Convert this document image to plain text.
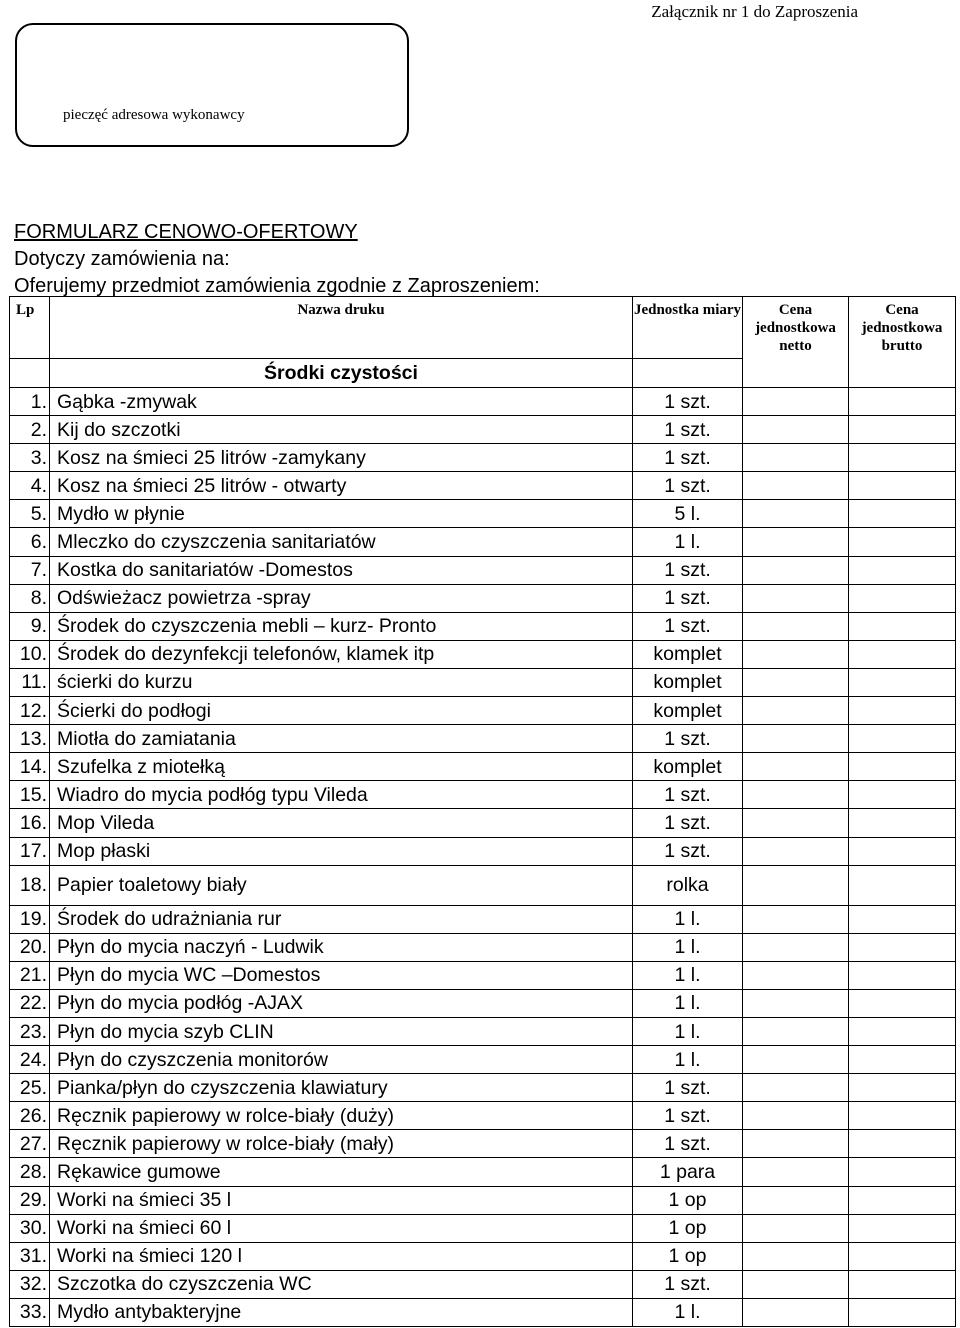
Załącznik nr 1 do Zaproszenia
pieczęć adresowa wykonawcy
FORMULARZ CENOWO-OFERTOWY
Dotyczy zamówienia na:
Oferujemy przedmiot zamówienia zgodnie z Zaproszeniem:
Lp	Nazwa druku	Jednostka miary	Cena jednostkowa netto	Cena jednostkowa brutto
	Środki czystości			
1.	Gąbka -zmywak	1 szt.		
2.	Kij do szczotki	1 szt.		
3.	Kosz na śmieci 25 litrów -zamykany	1 szt.		
4.	Kosz na śmieci 25 litrów - otwarty	1 szt.		
5.	Mydło w płynie	5 l.		
6.	Mleczko do czyszczenia sanitariatów	1 l.		
7.	Kostka do sanitariatów -Domestos	1 szt.		
8.	Odświeżacz powietrza -spray	1 szt.		
9.	Środek do czyszczenia mebli – kurz- Pronto	1 szt.		
10.	Środek do dezynfekcji telefonów, klamek itp	komplet		
11.	ścierki do kurzu	komplet		
12.	Ścierki do podłogi	komplet		
13.	Miotła do zamiatania	1 szt.		
14.	Szufelka z miotełką	komplet		
15.	Wiadro do mycia podłóg typu Vileda	1 szt.		
16.	Mop Vileda	1 szt.		
17.	Mop płaski	1 szt.		
18.	Papier toaletowy biały	rolka		
19.	Środek do udrażniania rur	1 l.		
20.	Płyn do mycia naczyń - Ludwik	1 l.		
21.	Płyn do mycia WC –Domestos	1 l.		
22.	Płyn do mycia podłóg -AJAX	1 l.		
23.	Płyn do mycia szyb CLIN	1 l.		
24.	Płyn do czyszczenia monitorów	1 l.		
25.	Pianka/płyn do czyszczenia klawiatury	1 szt.		
26.	Ręcznik papierowy w rolce-biały (duży)	1 szt.		
27.	Ręcznik papierowy w rolce-biały (mały)	1 szt.		
28.	Rękawice gumowe	1 para		
29.	Worki na śmieci 35 l	1 op		
30.	Worki na śmieci 60 l	1 op		
31.	Worki na śmieci 120 l	1 op		
32.	Szczotka do czyszczenia WC	1 szt.		
33.	Mydło antybakteryjne	1 l.		
